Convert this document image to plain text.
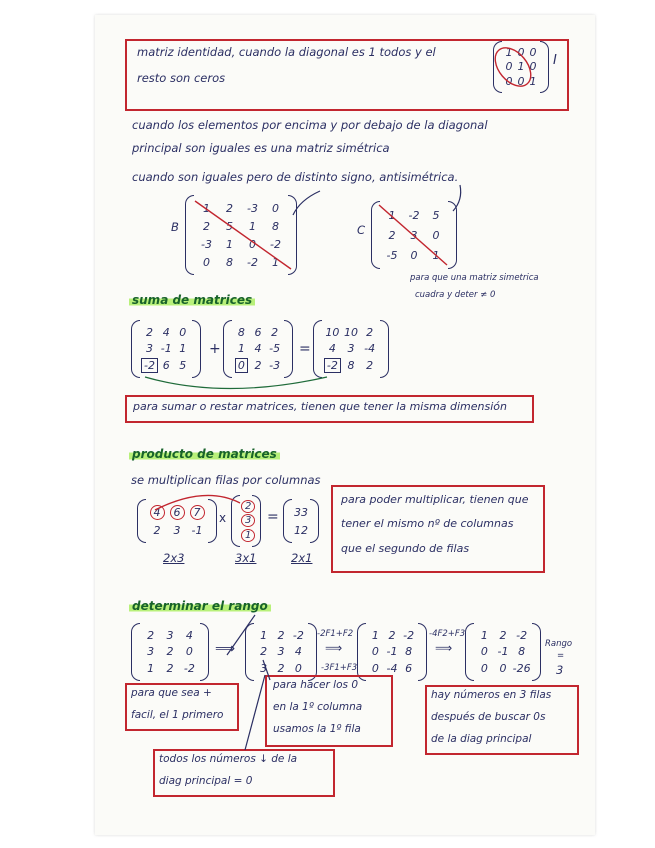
matriz identidad, cuando la diagonal es 1 todos y el
resto son ceros
1 0 0
0 1 0
0 0 1
I
cuando los elementos por encima y por debajo de la diagonal
principal son iguales es una matriz simétrica
cuando son iguales pero de distinto signo, antisimétrica.
B
1 2 -3 0
2 5 1 8
-3 1 0 -2
0 8 -2 1
C
1 -2 5
2 3 0
-5 0 1
para que una matriz simetrica
cuadra y deter ≠ 0
suma de matrices
2 4 0
3 -1 1
-2 6 5
+
8 6 2
1 4 -5
0 2 -3
=
10 10 2
4 3 -4
-2 8 2
para sumar o restar matrices, tienen que tener la misma dimensión
producto de matrices
se multiplican filas por columnas
4	6	7
2 3 -1
x
2
3
1
= 33
12
2x3	3x1	2x1
para poder multiplicar, tienen que
tener el mismo nº de columnas
que el segundo de filas
determinar el rango
2 3 4
3 2 0
1 2 -2
⟹
1 2 -2
2 3 4
3 2 0
-2F1+F2
⟹
-3F1+F3
1 2 -2
0 -1 8
0 -4 6
-4F2+F3
⟹
1 2 -2
0 -1 8
0 0 -26
Rango
=
3
para que sea +
facil, el 1 primero
para hacer los 0
en la 1º columna
usamos la 1º fila
hay números en 3 filas
después de buscar 0s
de la diag principal
todos los números ↓ de la
diag principal = 0
